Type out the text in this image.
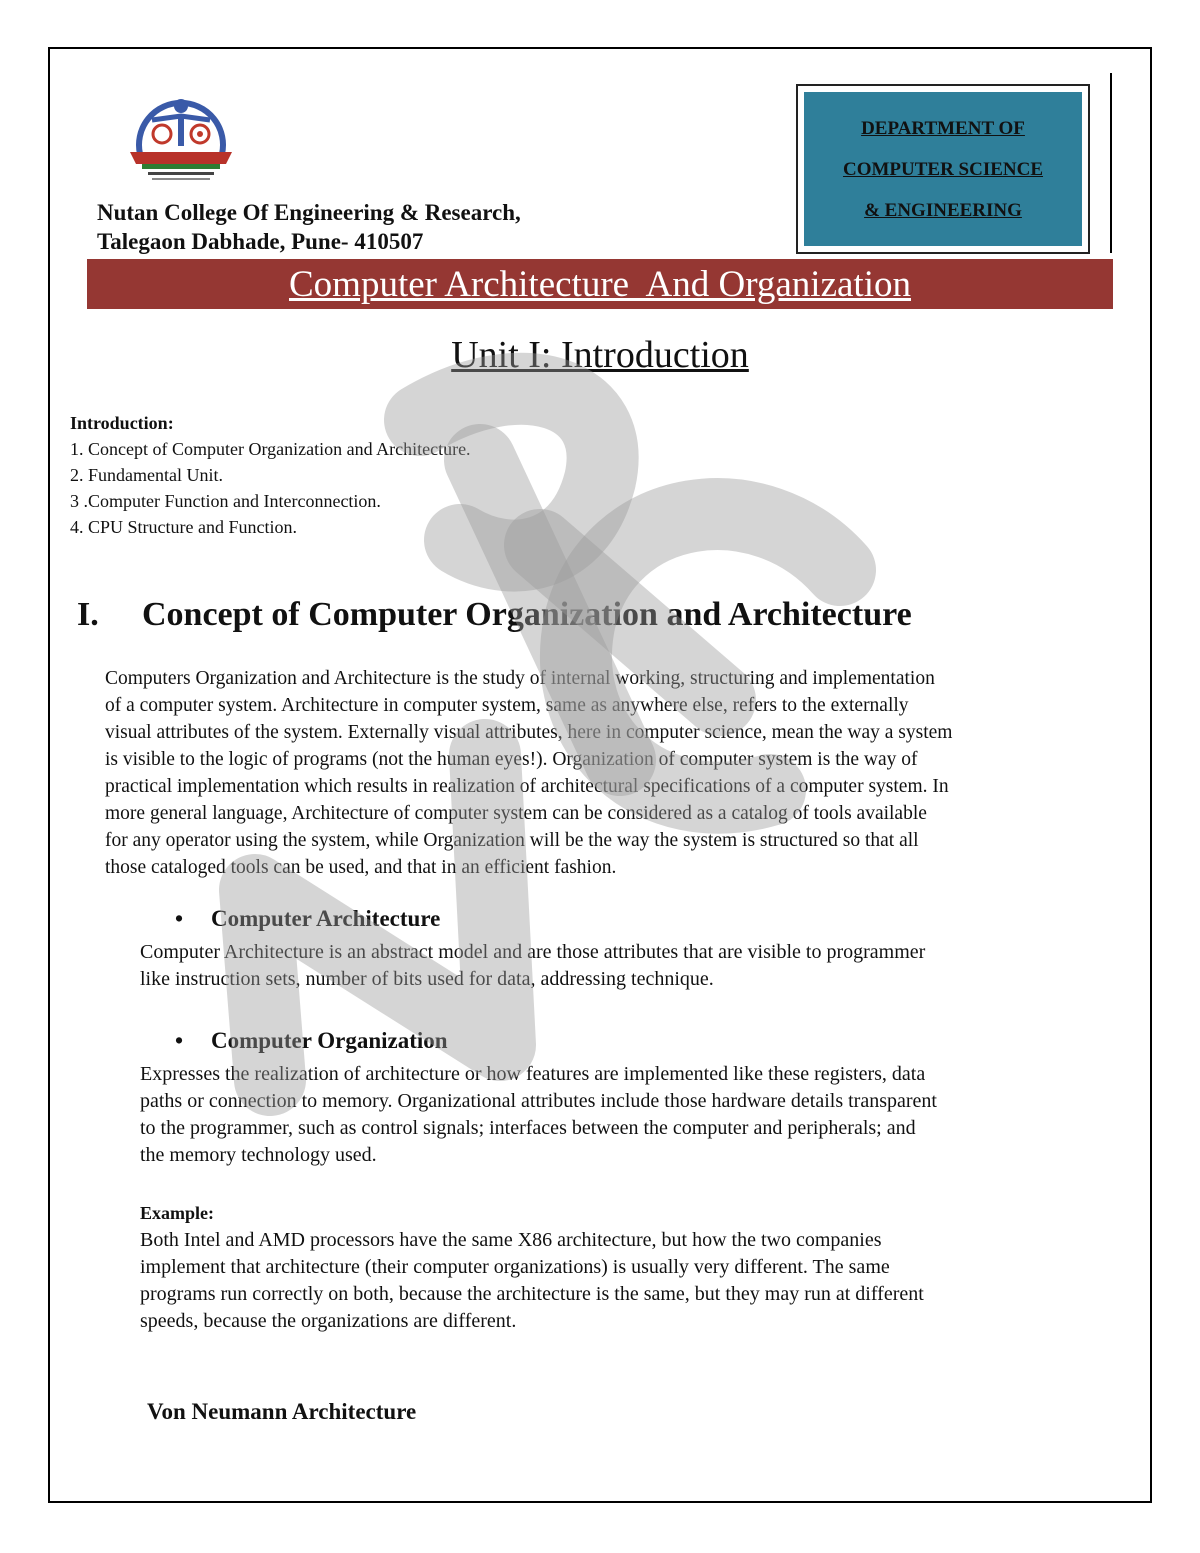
Nutan College Of Engineering & Research,
Talegaon Dabhade, Pune- 410507
DEPARTMENT OF
COMPUTER SCIENCE
& ENGINEERING
Computer Architecture  And Organization
Unit I: Introduction
Introduction:
1. Concept of Computer Organization and Architecture.
2. Fundamental Unit.
3 .Computer Function and Interconnection.
4. CPU Structure and Function.
I. Concept of Computer Organization and Architecture
Computers Organization and Architecture is the study of internal working, structuring and implementation
of a computer system. Architecture in computer system, same as anywhere else, refers to the externally
visual attributes of the system. Externally visual attributes, here in computer science, mean the way a system
is visible to the logic of programs (not the human eyes!). Organization of computer system is the way of
practical implementation which results in realization of architectural specifications of a computer system. In
more general language, Architecture of computer system can be considered as a catalog of tools available
for any operator using the system, while Organization will be the way the system is structured so that all
those cataloged tools can be used, and that in an efficient fashion.
• Computer Architecture
Computer Architecture is an abstract model and are those attributes that are visible to programmer
like instruction sets, number of bits used for data, addressing technique.
• Computer Organization
Expresses the realization of architecture or how features are implemented like these registers, data
paths or connection to memory. Organizational attributes include those hardware details transparent
to the programmer, such as control signals; interfaces between the computer and peripherals; and
the memory technology used.
Example:
Both Intel and AMD processors have the same X86 architecture, but how the two companies
implement that architecture (their computer organizations) is usually very different. The same
programs run correctly on both, because the architecture is the same, but they may run at different
speeds, because the organizations are different.
Von Neumann Architecture
